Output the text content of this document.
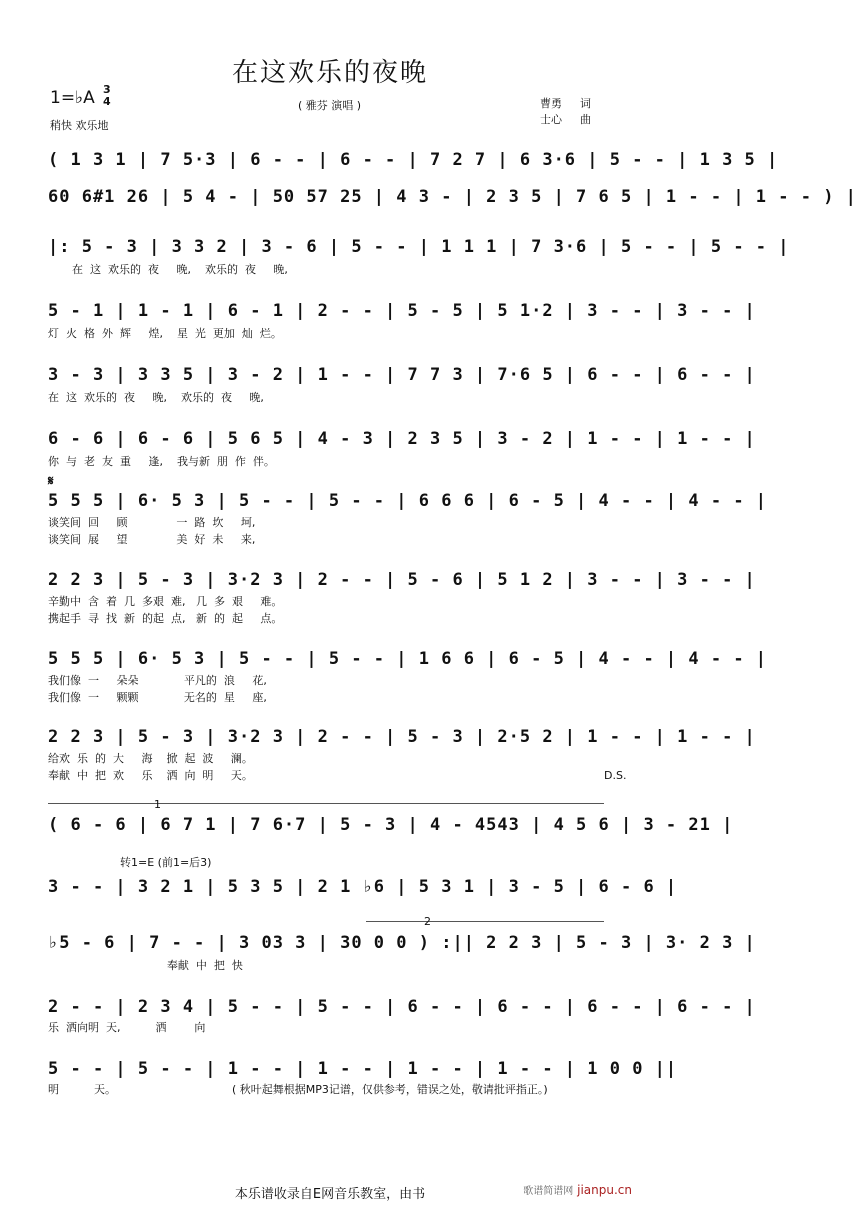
在这欢乐的夜晚
1=♭A 3
4
稍快 欢乐地
( 雅芬 演唱 )	曹勇 词
士心 曲
( 1 3 1 | 7 5·3 | 6 - - | 6 - - | 7 2 7 | 6 3·6 | 5 - - | 1 3 5 |
60 6#1 26 | 5 4 - | 50 57 25 | 4 3 - | 2 3 5 | 7 6 5 | 1 - - | 1 - - ) |
|: 5 - 3 | 3 3 2 | 3 - 6 | 5 - - | 1 1 1 | 7 3·6 | 5 - - | 5 - - |
在  这  欢乐的  夜     晚,    欢乐的  夜     晚,
5 - 1 | 1 - 1 | 6 - 1 | 2 - - | 5 - 5 | 5 1·2 | 3 - - | 3 - - |
灯  火  格  外  辉     煌,    星  光  更加  灿  烂。
3 - 3 | 3 3 5 | 3 - 2 | 1 - - | 7 7 3 | 7·6 5 | 6 - - | 6 - - |
在  这  欢乐的  夜     晚,    欢乐的  夜     晚,
6 - 6 | 6 - 6 | 5 6 5 | 4 - 3 | 2 3 5 | 3 - 2 | 1 - - | 1 - - |
你  与  老  友  重     逢,    我与新  朋  作  伴。
𝄋
5 5 5 | 6· 5 3 | 5 - - | 5 - - | 6 6 6 | 6 - 5 | 4 - - | 4 - - |
谈笑间  回     顾              一  路  坎     坷,
谈笑间  展     望              美  好  未     来,
2 2 3 | 5 - 3 | 3·2 3 | 2 - - | 5 - 6 | 5 1 2 | 3 - - | 3 - - |
辛勤中  含  着  几  多艰  难,   几  多  艰     难。
携起手  寻  找  新  的起  点,   新  的  起     点。
5 5 5 | 6· 5 3 | 5 - - | 5 - - | 1 6 6 | 6 - 5 | 4 - - | 4 - - |
我们像  一     朵朵             平凡的  浪     花,
我们像  一     颗颗             无名的  星     座,
2 2 3 | 5 - 3 | 3·2 3 | 2 - - | 5 - 3 | 2·5 2 | 1 - - | 1 - - |
给欢  乐  的  大     海    掀  起  波     澜。
奉献  中  把  欢     乐    洒  向  明     天。	D.S.
1
( 6 - 6 | 6 7 1 | 7 6·7 | 5 - 3 | 4 - 4543 | 4 5 6 | 3 - 21 |
转1=E (前1=后3)
3 - - | 3 2 1 | 5 3 5 | 2 1 ♭6 | 5 3 1 | 3 - 5 | 6 - 6 |
2
♭5 - 6 | 7 - - | 3 03 3 | 30 0 0 ) :|| 2 2 3 | 5 - 3 | 3· 2 3 |
奉献  中  把  快
2 - - | 2 3 4 | 5 - - | 5 - - | 6 - - | 6 - - | 6 - - | 6 - - |
乐  洒向明  天,          洒        向
5 - - | 5 - - | 1 - - | 1 - - | 1 - - | 1 - - | 1 0 0 ||
明          天。	( 秋叶起舞根据MP3记谱，仅供参考，错误之处，敬请批评指正。)
本乐谱收录自E网音乐教室，由书	歌谱简谱网 jianpu.cn
